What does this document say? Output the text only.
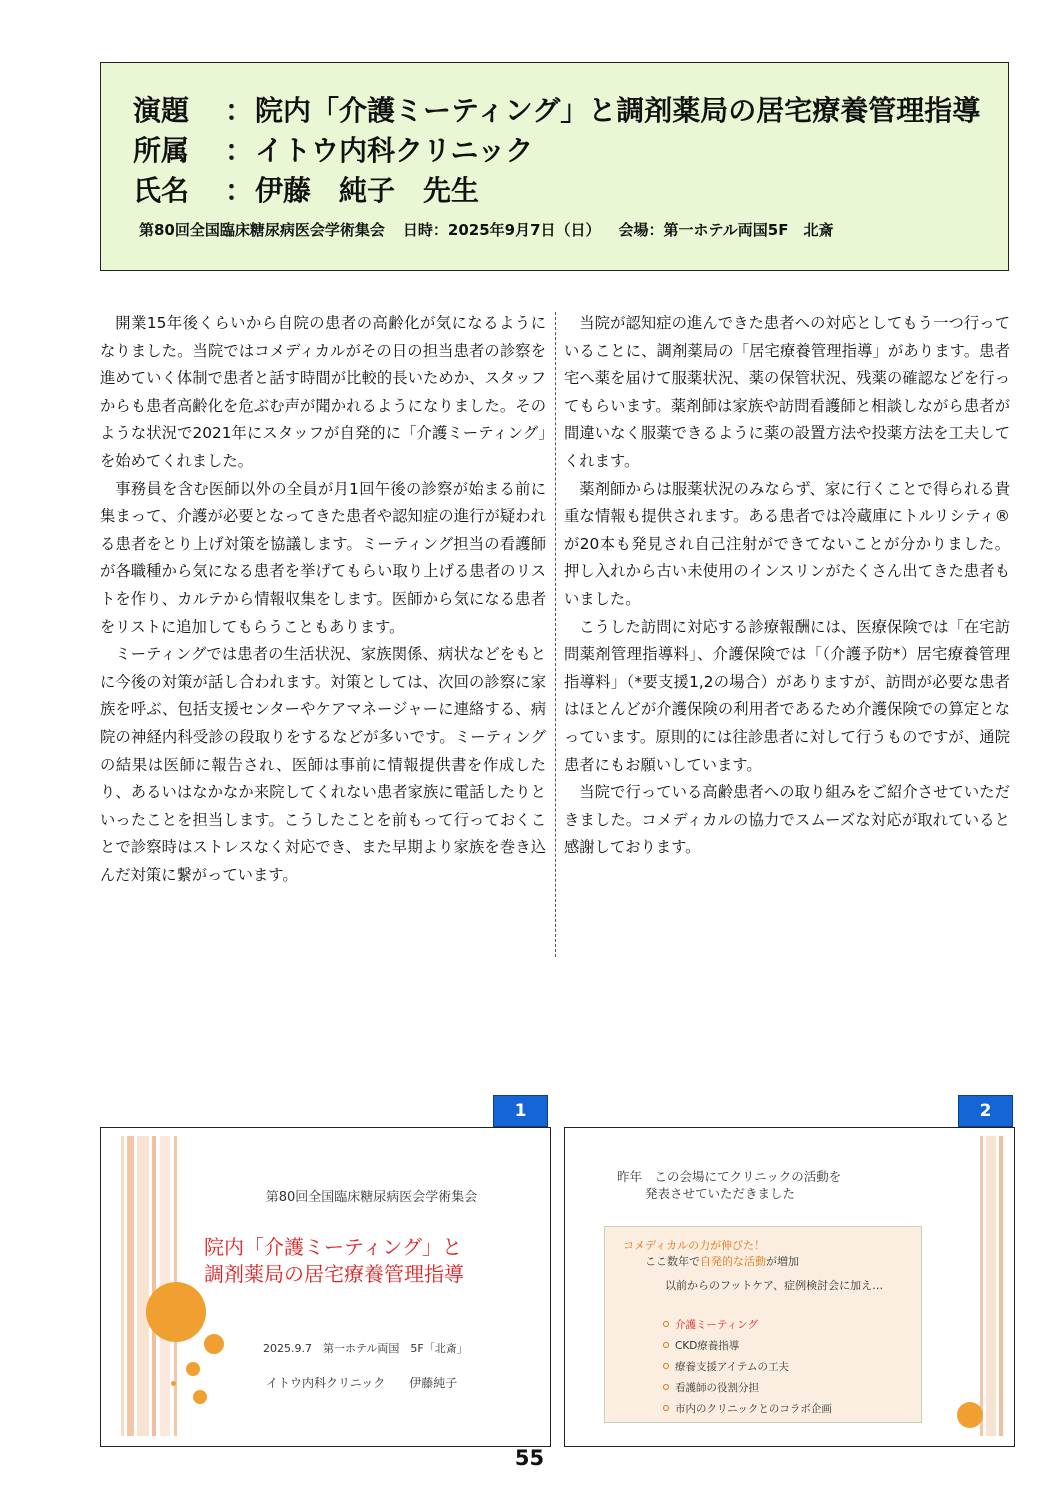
演題 ：院内「介護ミーティング」と調剤薬局の居宅療養管理指導
所属 ：イトウ内科クリニック
氏名 ：伊藤　純子　先生
第80回全国臨床糖尿病医会学術集会 日時：2025年9月7日（日） 会場：第一ホテル両国5F　北斎

開業15年後くらいから自院の患者の高齢化が気になるようになりました。当院ではコメディカルがその日の担当患者の診察を進めていく体制で患者と話す時間が比較的長いためか、スタッフからも患者高齢化を危ぶむ声が聞かれるようになりました。そのような状況で2021年にスタッフが自発的に「介護ミーティング」を始めてくれました。

事務員を含む医師以外の全員が月1回午後の診察が始まる前に集まって、介護が必要となってきた患者や認知症の進行が疑われる患者をとり上げ対策を協議します。ミーティング担当の看護師が各職種から気になる患者を挙げてもらい取り上げる患者のリストを作り、カルテから情報収集をします。医師から気になる患者をリストに追加してもらうこともあります。

ミーティングでは患者の生活状況、家族関係、病状などをもとに今後の対策が話し合われます。対策としては、次回の診察に家族を呼ぶ、包括支援センターやケアマネージャーに連絡する、病院の神経内科受診の段取りをするなどが多いです。ミーティングの結果は医師に報告され、医師は事前に情報提供書を作成したり、あるいはなかなか来院してくれない患者家族に電話したりといったことを担当します。こうしたことを前もって行っておくことで診察時はストレスなく対応でき、また早期より家族を巻き込んだ対策に繋がっています。

当院が認知症の進んできた患者への対応としてもう一つ行っていることに、調剤薬局の「居宅療養管理指導」があります。患者宅へ薬を届けて服薬状況、薬の保管状況、残薬の確認などを行ってもらいます。薬剤師は家族や訪問看護師と相談しながら患者が間違いなく服薬できるように薬の設置方法や投薬方法を工夫してくれます。

薬剤師からは服薬状況のみならず、家に行くことで得られる貴重な情報も提供されます。ある患者では冷蔵庫にトルリシティ®が20本も発見され自己注射ができてないことが分かりました。押し入れから古い未使用のインスリンがたくさん出てきた患者もいました。

こうした訪問に対応する診療報酬には、医療保険では「在宅訪問薬剤管理指導料」、介護保険では「（介護予防*）居宅療養管理指導料」（*要支援1,2の場合）がありますが、訪問が必要な患者はほとんどが介護保険の利用者であるため介護保険での算定となっています。原則的には往診患者に対して行うものですが、通院患者にもお願いしています。

当院で行っている高齢患者への取り組みをご紹介させていただきました。コメディカルの協力でスムーズな対応が取れていると感謝しております。

1	2
第80回全国臨床糖尿病医会学術集会
院内「介護ミーティング」と
調剤薬局の居宅療養管理指導
2025.9.7　第一ホテル両国　5F「北斎」
イトウ内科クリニック　　伊藤純子
昨年　この会場にてクリニックの活動を
発表させていただきました
コメディカルの力が伸びた！
ここ数年で自発的な活動が増加
以前からのフットケア、症例検討会に加え…
介護ミーティング
CKD療養指導
療養支援アイテムの工夫
看護師の役割分担
市内のクリニックとのコラボ企画
55
